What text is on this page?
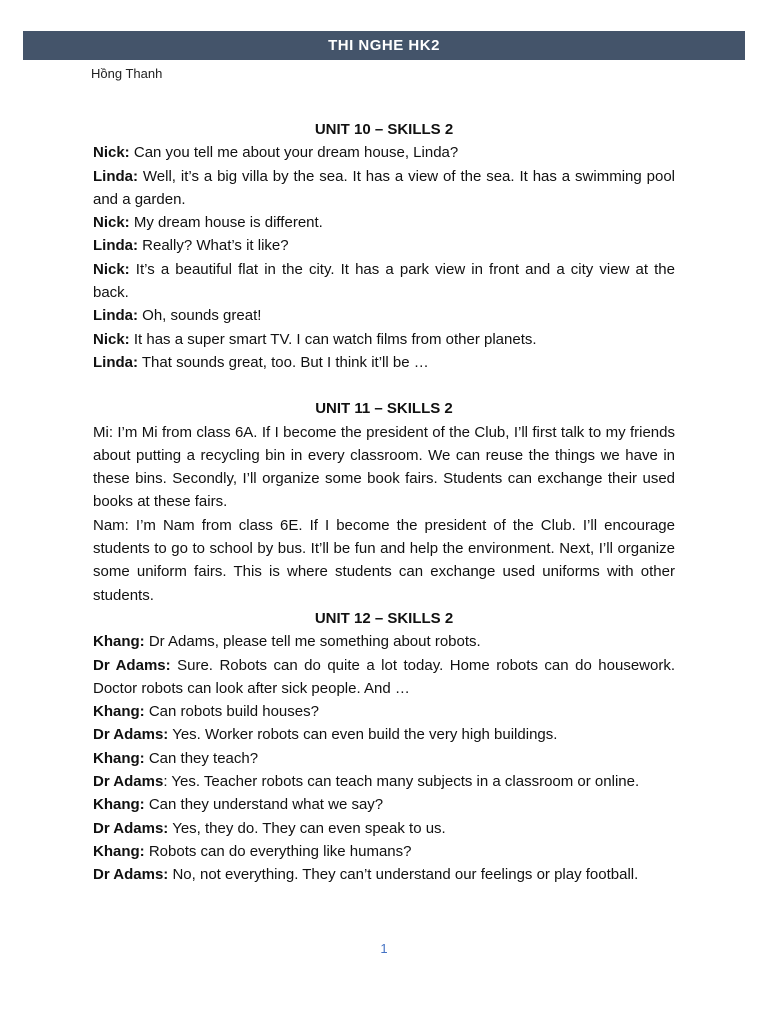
THI NGHE HK2
Hồng Thanh

UNIT 10 – SKILLS 2

Nick: Can you tell me about your dream house, Linda?

Linda: Well, it’s a big villa by the sea. It has a view of the sea. It has a swimming pool and a garden.

Nick: My dream house is different.

Linda: Really? What’s it like?

Nick: It’s a beautiful flat in the city. It has a park view in front and a city view at the back.

Linda: Oh, sounds great!

Nick: It has a super smart TV. I can watch films from other planets.

Linda: That sounds great, too. But I think it’ll be …

UNIT 11 – SKILLS 2

Mi: I’m Mi from class 6A. If I become the president of the Club, I’ll first talk to my friends about putting a recycling bin in every classroom. We can reuse the things we have in these bins. Secondly, I’ll organize some book fairs. Students can exchange their used books at these fairs.

Nam: I’m Nam from class 6E. If I become the president of the Club. I’ll encourage students to go to school by bus. It’ll be fun and help the environment. Next, I’ll organize some uniform fairs. This is where students can exchange used uniforms with other students.

UNIT 12 – SKILLS 2

Khang: Dr Adams, please tell me something about robots.

Dr Adams: Sure. Robots can do quite a lot today. Home robots can do housework. Doctor robots can look after sick people. And …

Khang: Can robots build houses?

Dr Adams: Yes. Worker robots can even build the very high buildings.

Khang: Can they teach?

Dr Adams: Yes. Teacher robots can teach many subjects in a classroom or online.

Khang: Can they understand what we say?

Dr Adams: Yes, they do. They can even speak to us.

Khang: Robots can do everything like humans?

Dr Adams: No, not everything. They can’t understand our feelings or play football.

1
